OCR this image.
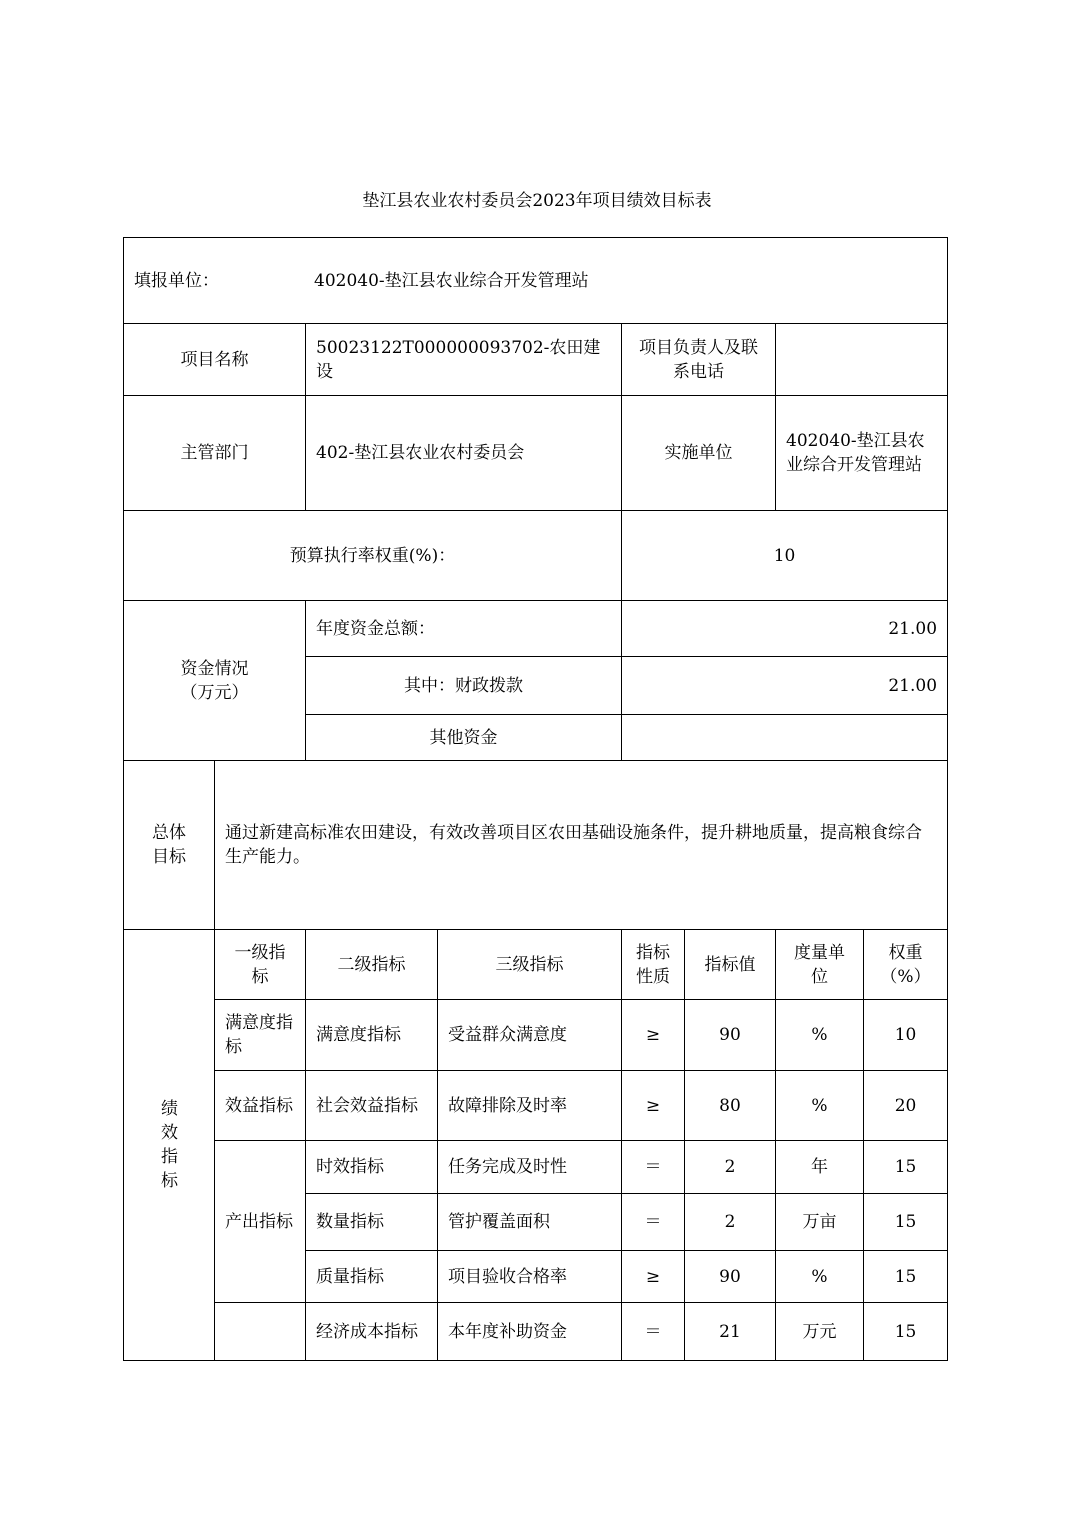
垫江县农业农村委员会2023年项目绩效目标表
填报单位： 402040-垫江县农业综合开发管理站							
项目名称		50023122T000000093702-农田建设		项目负责人及联系电话			
主管部门		402-垫江县农业农村委员会		实施单位		402040-垫江县农业综合开发管理站	
预算执行率权重(%)：				10			
资金情况（万元）		年度资金总额：		21.00			
		其中：财政拨款		21.00			
		其他资金					
总体目标	通过新建高标准农田建设，有效改善项目区农田基础设施条件，提升耕地质量，提高粮食综合生产能力。						
绩效指标	一级指标	二级指标	三级指标	指标性质	指标值	度量单位	权重（%）
	满意度指标	满意度指标	受益群众满意度	≥	90	%	10
	效益指标	社会效益指标	故障排除及时率	≥	80	%	20
	产出指标	时效指标	任务完成及时性	＝	2	年	15
		数量指标	管护覆盖面积	＝	2	万亩	15
		质量指标	项目验收合格率	≥	90	%	15
		经济成本指标	本年度补助资金	＝	21	万元	15
